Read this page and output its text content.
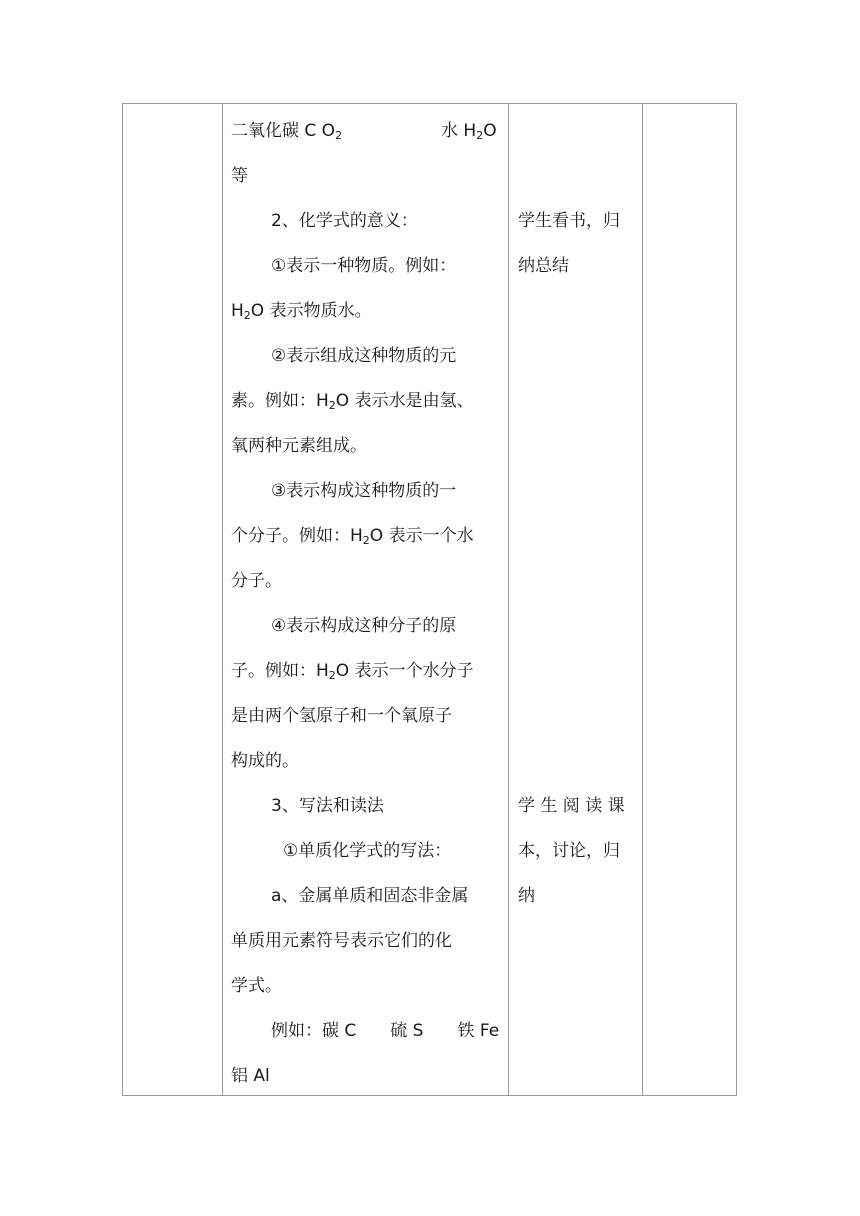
二氧化碳 C $O_2$	水 $H_2O$
等
2、化学式的意义：
①表示一种物质。例如：
$H_2O$ 表示物质水。
②表示组成这种物质的元
素。例如：$H_2O$ 表示水是由氢、
氧两种元素组成。
③表示构成这种物质的一
个分子。例如：$H_2O$ 表示一个水
分子。
④表示构成这种分子的原
子。例如：$H_2O$ 表示一个水分子
是由两个氢原子和一个氧原子
构成的。
3、写法和读法
①单质化学式的写法：
a、金属单质和固态非金属
单质用元素符号表示它们的化
学式。
例如：碳 C　　硫 S　　铁 Fe
铝 Al
学生看书，归
纳总结
学 生 阅 读 课
本，讨论，归
纳
